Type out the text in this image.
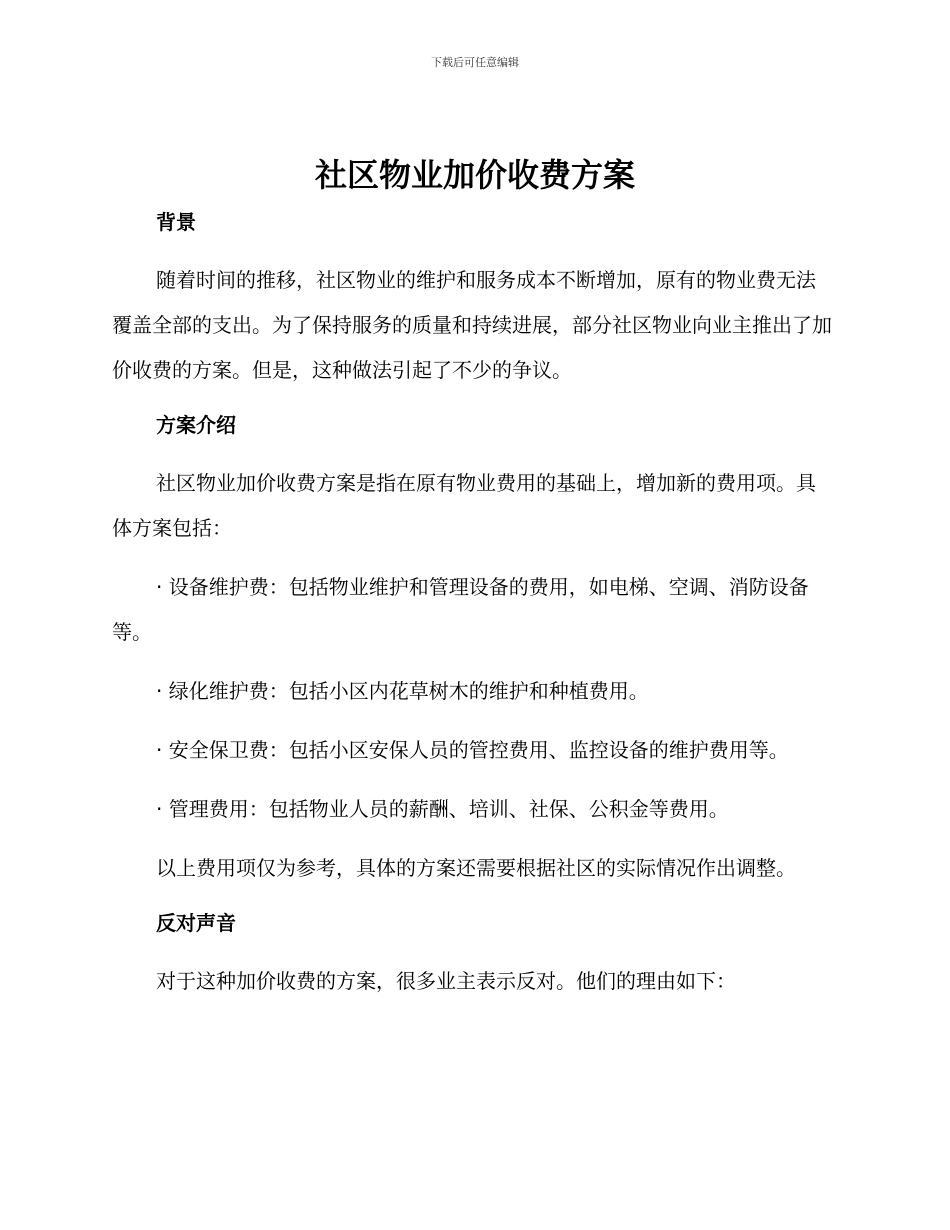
下载后可任意编辑
社区物业加价收费方案

背景

随着时间的推移，社区物业的维护和服务成本不断增加，原有的物业费无法覆盖全部的支出。为了保持服务的质量和持续进展，部分社区物业向业主推出了加价收费的方案。但是，这种做法引起了不少的争议。

方案介绍

社区物业加价收费方案是指在原有物业费用的基础上，增加新的费用项。具体方案包括：

· 设备维护费：包括物业维护和管理设备的费用，如电梯、空调、消防设备等。

· 绿化维护费：包括小区内花草树木的维护和种植费用。

· 安全保卫费：包括小区安保人员的管控费用、监控设备的维护费用等。

· 管理费用：包括物业人员的薪酬、培训、社保、公积金等费用。

以上费用项仅为参考，具体的方案还需要根据社区的实际情况作出调整。

反对声音

对于这种加价收费的方案，很多业主表示反对。他们的理由如下：
